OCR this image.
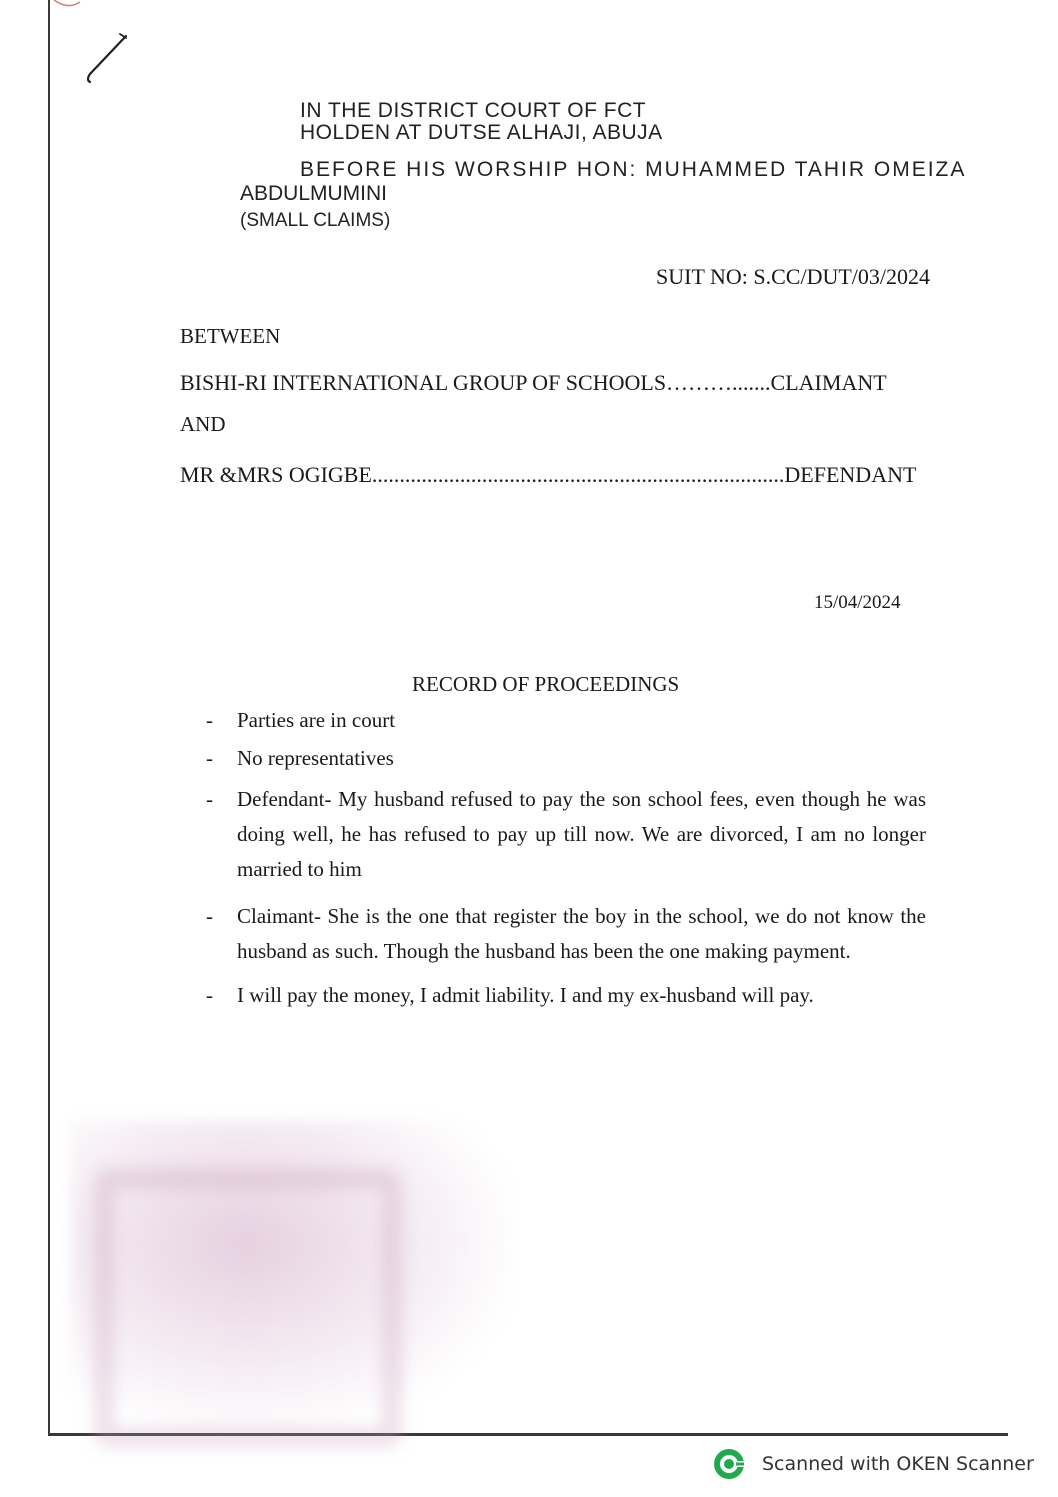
IN THE DISTRICT COURT OF FCT
HOLDEN AT DUTSE ALHAJI, ABUJA
BEFORE HIS WORSHIP HON: MUHAMMED TAHIR OMEIZA
ABDULMUMINI
(SMALL CLAIMS)
SUIT NO: S.CC/DUT/03/2024
BETWEEN
BISHI-RI INTERNATIONAL GROUP OF SCHOOLS……….......CLAIMANT
AND
MR &MRS OGIGBE...........................................................................DEFENDANT
15/04/2024
RECORD OF PROCEEDINGS
- Parties are in court
- No representatives
- Defendant- My husband refused to pay the son school fees, even though he was doing well, he has refused to pay up till now. We are divorced, I am no longer married to him
- Claimant- She is the one that register the boy in the school, we do not know the husband as such. Though the husband has been the one making payment.
- I will pay the money, I admit liability. I and my ex-husband will pay.
Scanned with OKEN Scanner
